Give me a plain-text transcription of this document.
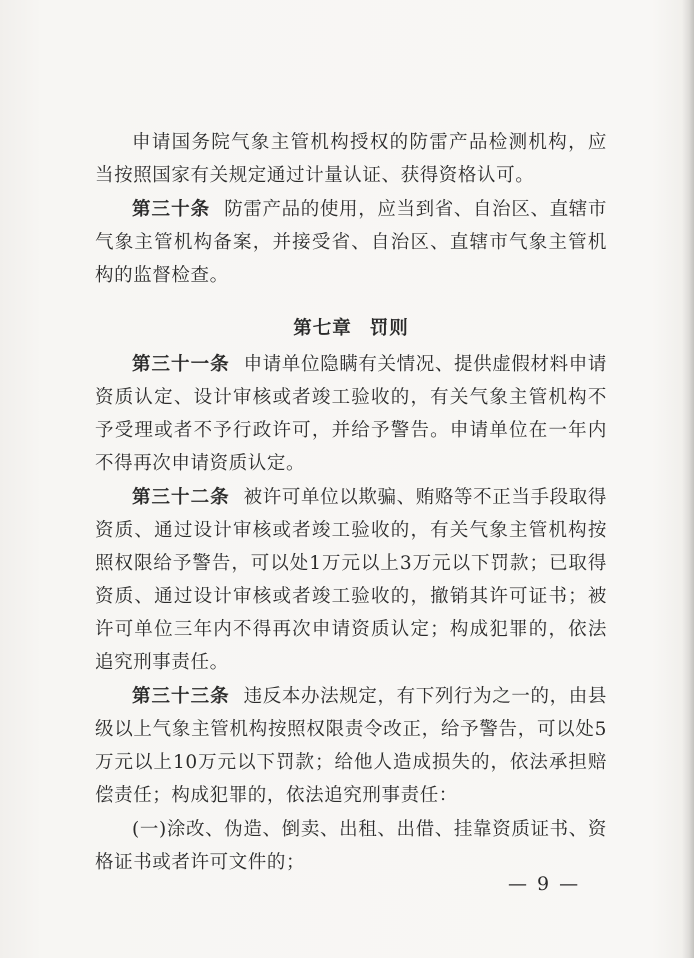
申请国务院气象主管机构授权的防雷产品检测机构，应当按照国家有关规定通过计量认证、获得资格认可。

第三十条 防雷产品的使用，应当到省、自治区、直辖市气象主管机构备案，并接受省、自治区、直辖市气象主管机构的监督检查。

第七章 罚则

第三十一条 申请单位隐瞒有关情况、提供虚假材料申请资质认定、设计审核或者竣工验收的，有关气象主管机构不予受理或者不予行政许可，并给予警告。申请单位在一年内不得再次申请资质认定。

第三十二条 被许可单位以欺骗、贿赂等不正当手段取得资质、通过设计审核或者竣工验收的，有关气象主管机构按照权限给予警告，可以处1万元以上3万元以下罚款；已取得资质、通过设计审核或者竣工验收的，撤销其许可证书；被许可单位三年内不得再次申请资质认定；构成犯罪的，依法追究刑事责任。

第三十三条 违反本办法规定，有下列行为之一的，由县级以上气象主管机构按照权限责令改正，给予警告，可以处5万元以上10万元以下罚款；给他人造成损失的，依法承担赔偿责任；构成犯罪的，依法追究刑事责任：

(一)涂改、伪造、倒卖、出租、出借、挂靠资质证书、资格证书或者许可文件的；

— 9 —
